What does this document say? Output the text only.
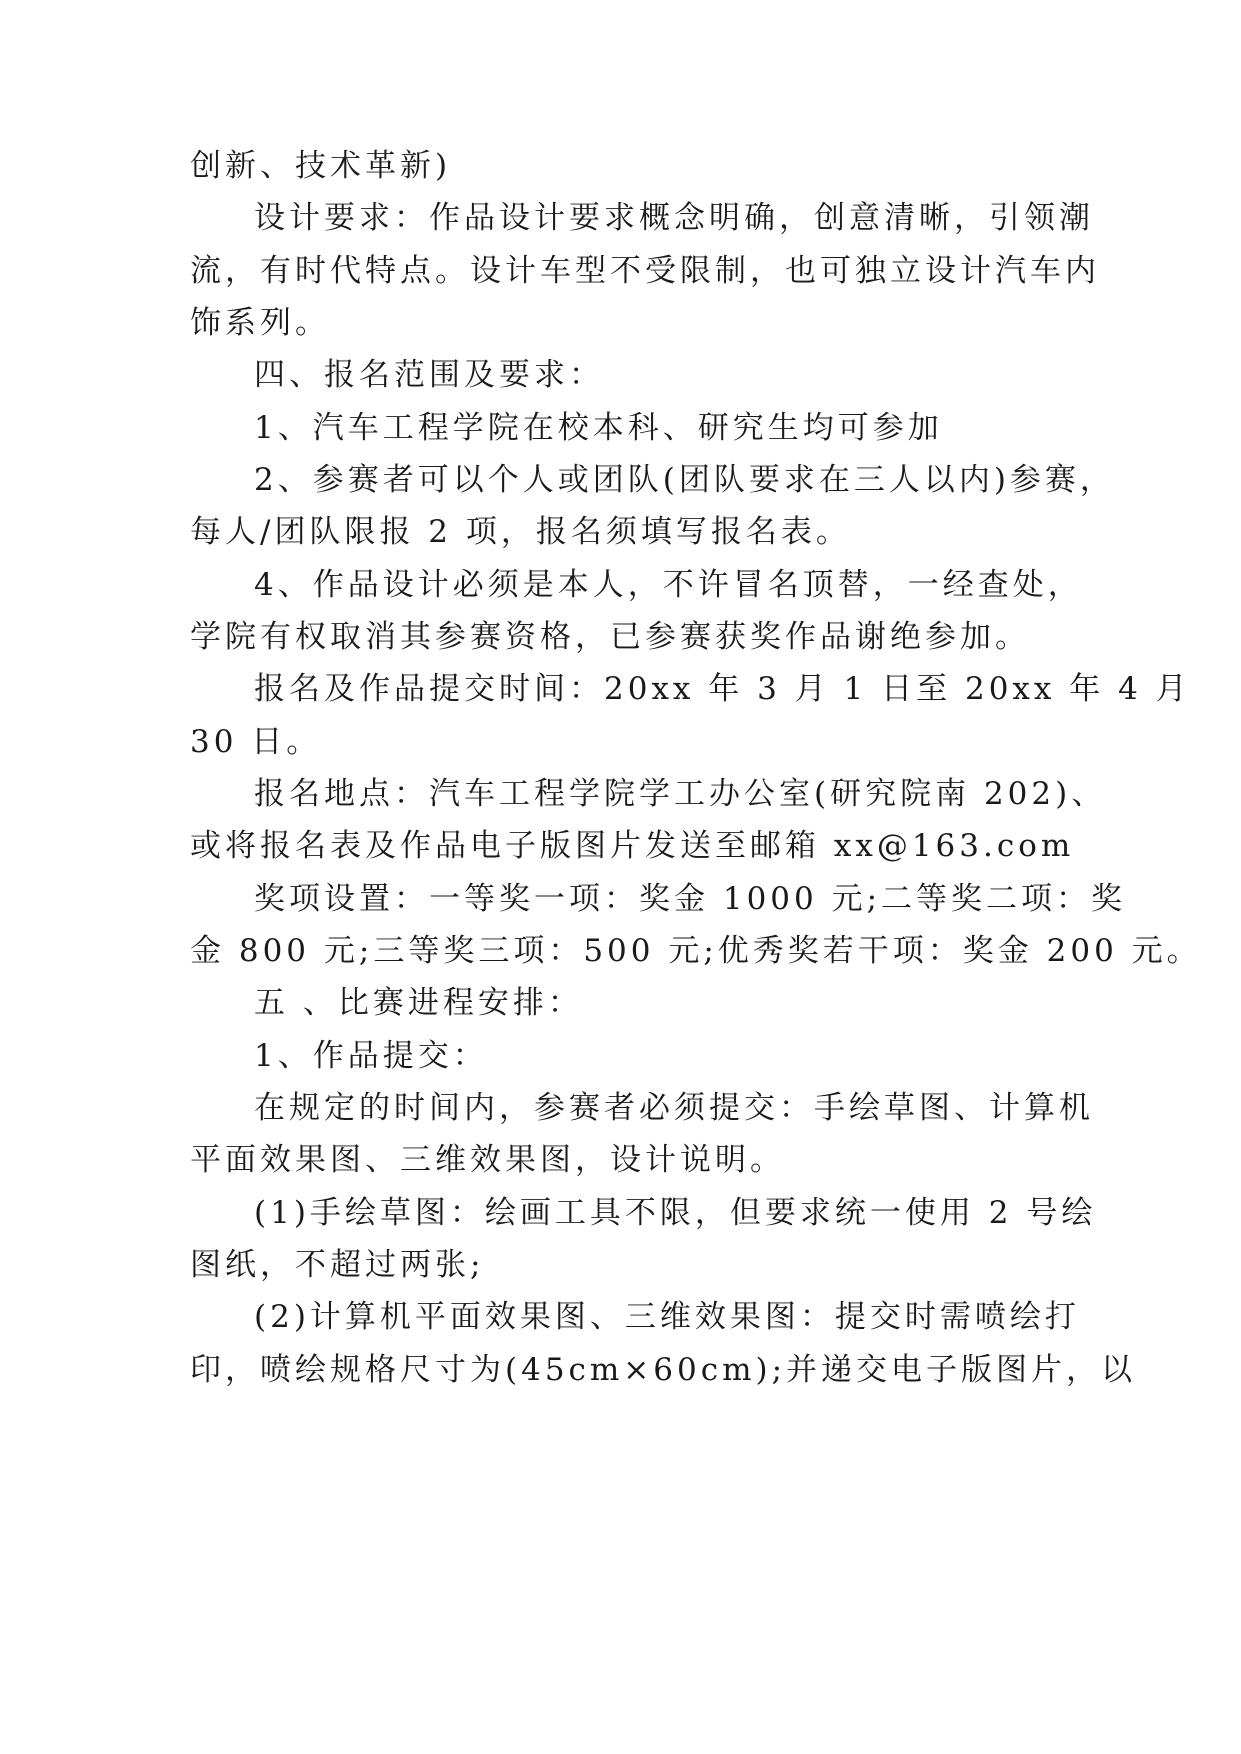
创新、技术革新)
设计要求：作品设计要求概念明确，创意清晰，引领潮
流，有时代特点。设计车型不受限制，也可独立设计汽车内
饰系列。
四、报名范围及要求：
1、汽车工程学院在校本科、研究生均可参加
2、参赛者可以个人或团队(团队要求在三人以内)参赛，
每人/团队限报 2 项，报名须填写报名表。
4、作品设计必须是本人，不许冒名顶替，一经查处，
学院有权取消其参赛资格，已参赛获奖作品谢绝参加。
报名及作品提交时间：20xx 年 3 月 1 日至 20xx 年 4 月
30 日。
报名地点：汽车工程学院学工办公室(研究院南 202)、
或将报名表及作品电子版图片发送至邮箱 xx@163.com
奖项设置：一等奖一项：奖金 1000 元;二等奖二项：奖
金 800 元;三等奖三项：500 元;优秀奖若干项：奖金 200 元。
五 、比赛进程安排：
1、作品提交：
在规定的时间内，参赛者必须提交：手绘草图、计算机
平面效果图、三维效果图，设计说明。
(1)手绘草图：绘画工具不限，但要求统一使用 2 号绘
图纸，不超过两张;
(2)计算机平面效果图、三维效果图：提交时需喷绘打
印，喷绘规格尺寸为(45cm×60cm);并递交电子版图片，以
